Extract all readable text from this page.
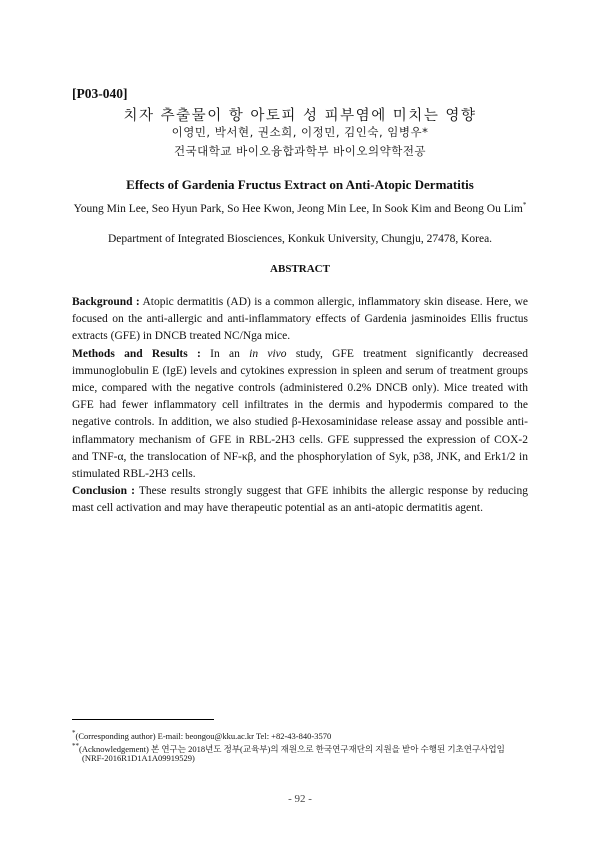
[P03-040]
치자 추출물이 항 아토피 성 피부염에 미치는 영향
이영민, 박서현, 권소희, 이정민, 김인숙, 임병우*
건국대학교 바이오융합과학부 바이오의약학전공
Effects of Gardenia Fructus Extract on Anti-Atopic Dermatitis
Young Min Lee, Seo Hyun Park, So Hee Kwon, Jeong Min Lee, In Sook Kim and Beong Ou Lim*
Department of Integrated Biosciences, Konkuk University, Chungju, 27478, Korea.
ABSTRACT

Background : Atopic dermatitis (AD) is a common allergic, inflammatory skin disease. Here, we focused on the anti-allergic and anti-inflammatory effects of Gardenia jasminoides Ellis fructus extracts (GFE) in DNCB treated NC/Nga mice.

Methods and Results : In an in vivo study, GFE treatment significantly decreased immunoglobulin E (IgE) levels and cytokines expression in spleen and serum of treatment groups mice, compared with the negative controls (administered 0.2% DNCB only). Mice treated with GFE had fewer inflammatory cell infiltrates in the dermis and hypodermis compared to the negative controls. In addition, we also studied β-Hexosaminidase release assay and possible anti-inflammatory mechanism of GFE in RBL-2H3 cells. GFE suppressed the expression of COX-2 and TNF-α, the translocation of NF-κβ, and the phosphorylation of Syk, p38, JNK, and Erk1/2 in stimulated RBL-2H3 cells.

Conclusion : These results strongly suggest that GFE inhibits the allergic response by reducing mast cell activation and may have therapeutic potential as an anti-atopic dermatitis agent.

*(Corresponding author) E-mail: beongou@kku.ac.kr Tel: +82-43-840-3570
**(Acknowledgement) 본 연구는 2018년도 정부(교육부)의 재원으로 한국연구재단의 지원을 받아 수행된 기초연구사업임
(NRF-2016R1D1A1A09919529)
- 92 -
